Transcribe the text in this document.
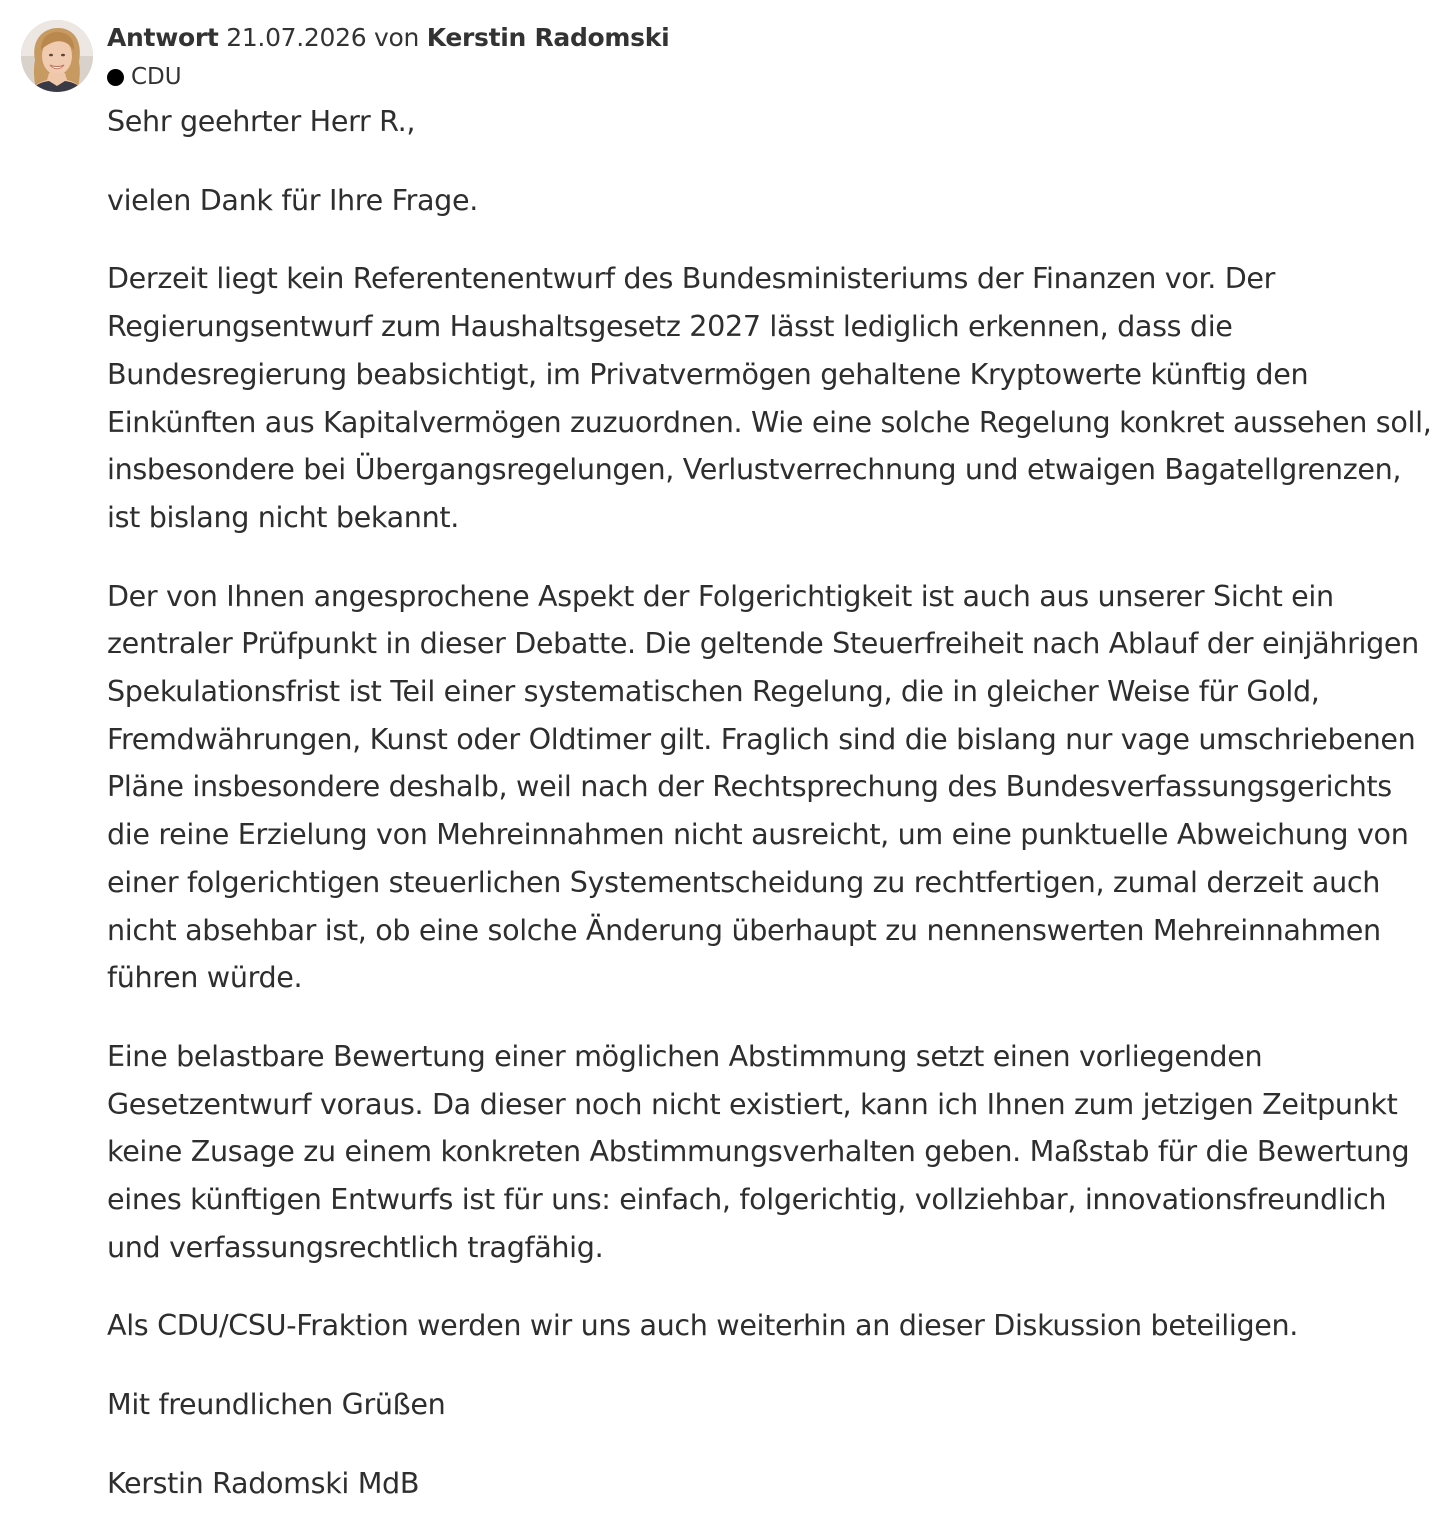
Antwort 21.07.2026 von Kerstin Radomski
CDU

Sehr geehrter Herr R.,

vielen Dank für Ihre Frage.

Derzeit liegt kein Referentenentwurf des Bundesministeriums der Finanzen vor. Der Regierungsentwurf zum Haushaltsgesetz 2027 lässt lediglich erkennen, dass die Bundesregierung beabsichtigt, im Privatvermögen gehaltene Kryptowerte künftig den Einkünften aus Kapitalvermögen zuzuordnen. Wie eine solche Regelung konkret aussehen soll, insbesondere bei Übergangsregelungen, Verlustverrechnung und etwaigen Bagatellgrenzen, ist bislang nicht bekannt.

Der von Ihnen angesprochene Aspekt der Folgerichtigkeit ist auch aus unserer Sicht ein zentraler Prüfpunkt in dieser Debatte. Die geltende Steuerfreiheit nach Ablauf der einjährigen Spekulationsfrist ist Teil einer systematischen Regelung, die in gleicher Weise für Gold, Fremdwährungen, Kunst oder Oldtimer gilt. Fraglich sind die bislang nur vage umschriebenen Pläne insbesondere deshalb, weil nach der Rechtsprechung des Bundesverfassungsgerichts die reine Erzielung von Mehreinnahmen nicht ausreicht, um eine punktuelle Abweichung von einer folgerichtigen steuerlichen Systementscheidung zu rechtfertigen, zumal derzeit auch nicht absehbar ist, ob eine solche Änderung überhaupt zu nennenswerten Mehreinnahmen führen würde.

Eine belastbare Bewertung einer möglichen Abstimmung setzt einen vorliegenden Gesetzentwurf voraus. Da dieser noch nicht existiert, kann ich Ihnen zum jetzigen Zeitpunkt keine Zusage zu einem konkreten Abstimmungsverhalten geben. Maßstab für die Bewertung eines künftigen Entwurfs ist für uns: einfach, folgerichtig, vollziehbar, innovationsfreundlich und verfassungsrechtlich tragfähig.

Als CDU/CSU-Fraktion werden wir uns auch weiterhin an dieser Diskussion beteiligen.

Mit freundlichen Grüßen

Kerstin Radomski MdB
